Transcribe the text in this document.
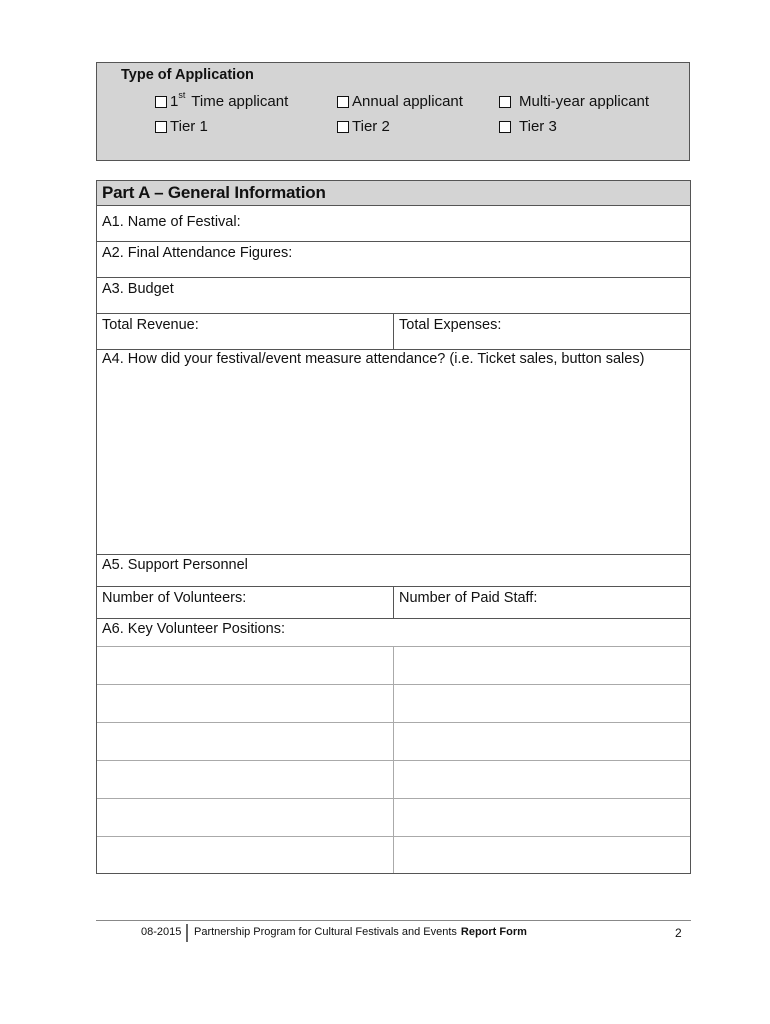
Type of Application
1st Time applicant	Annual applicant	Multi-year applicant
Tier 1	Tier 2	Tier 3
Part A – General Information
A1. Name of Festival:
A2. Final Attendance Figures:
A3. Budget
Total Revenue:	Total Expenses:
A4. How did your festival/event measure attendance? (i.e. Ticket sales, button sales)
A5. Support Personnel
Number of Volunteers:	Number of Paid Staff:
A6. Key Volunteer Positions:
08-2015 Partnership Program for Cultural Festivals and Events Report Form	2
